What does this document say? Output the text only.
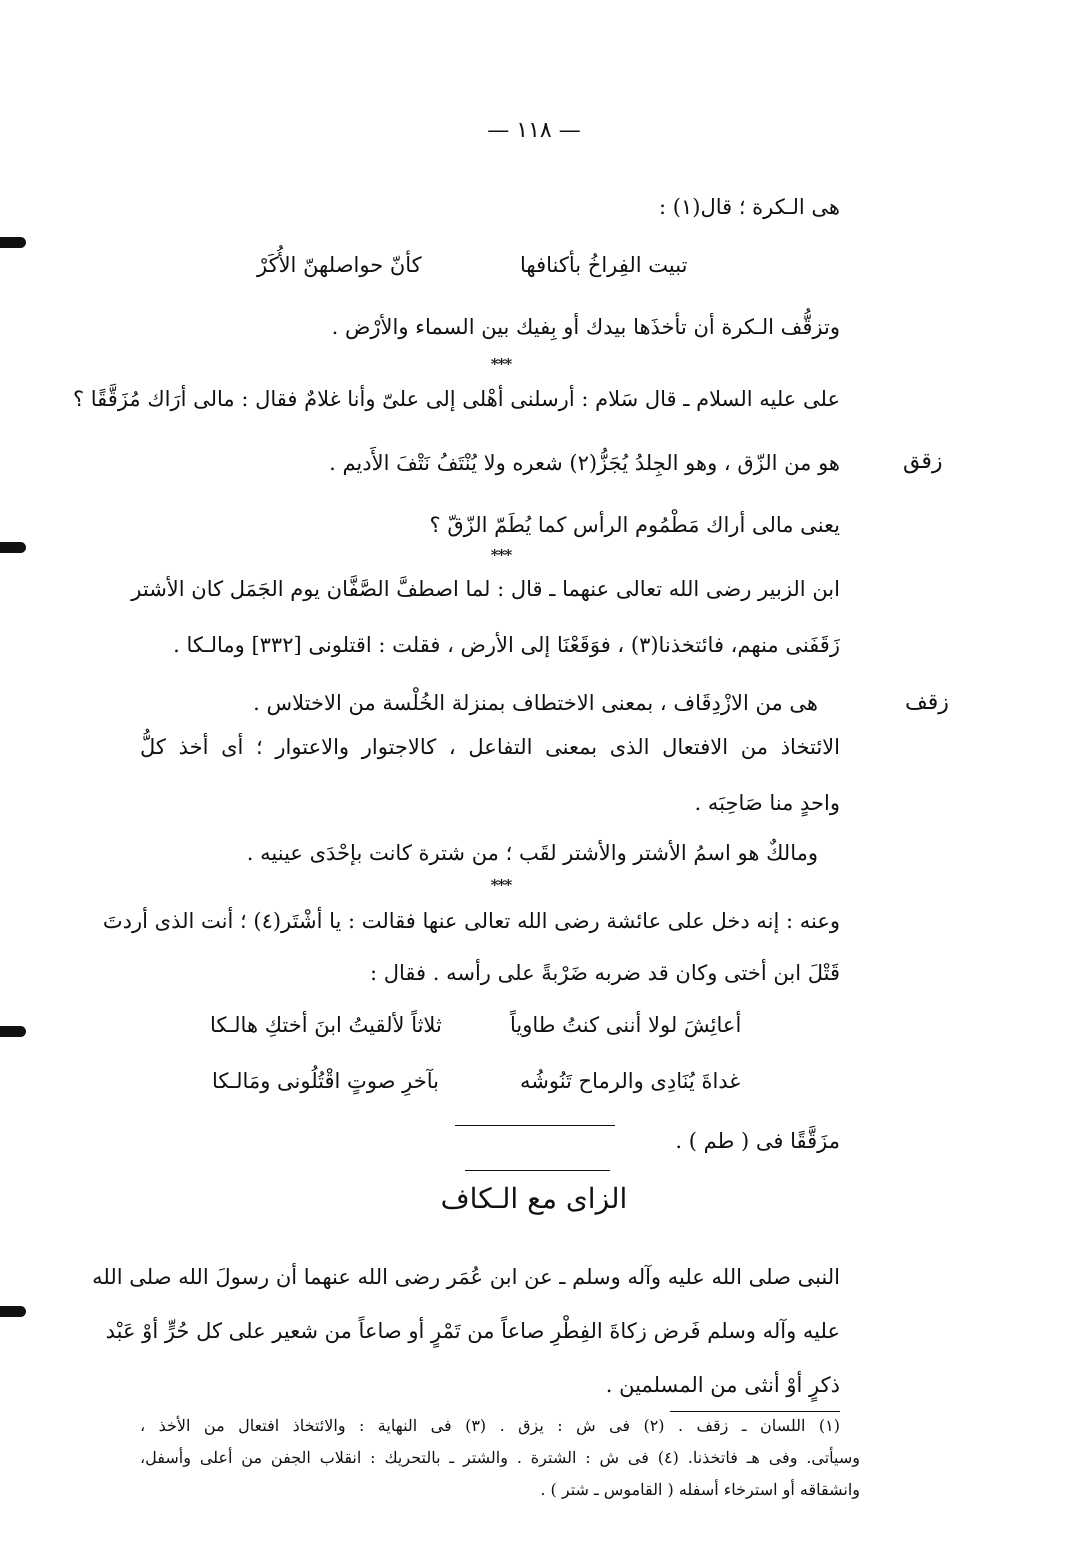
— ١١٨ —
زقق
زقف
هى الـكرة ؛ قال(١) :
تبيت الفِراخُ بأكنافها
كأنّ حواصلهنّ الأُكَرْ
وتزقُّف الـكرة أن تأخذَها بيدك أو بِفيك بين السماء والأرْض .
***
على عليه السلام ـ قال سَلام : أرسلنى أهْلى إلى علىّ وأنا غلامٌ فقال : مالى أرَاك مُزَقَّقًا ؟
هو من الزّق ، وهو الجِلدُ يُجَزُّ(٢) شعره ولا يُنْتَفُ نَتْفَ الأَديم .
يعنى مالى أراك مَطْمُوم الرأس كما يُطَمّ الزّقّ ؟
***
ابن الزبير رضى الله تعالى عنهما ـ قال : لما اصطفَّ الصَّفَّان يوم الجَمَل كان الأشتر
زَقَفَنى منهم، فائتخذنا(٣) ، فوَقَعْنَا إلى الأرض ، فقلت : اقتلونى [٣٣٢] ومالـكا .
هى من الازْدِقَاف ، بمعنى الاختطاف بمنزلة الخُلْسة من الاختلاس .
الائتخاذ من الافتعال الذى بمعنى التفاعل ، كالاجتوار والاعتوار ؛ أى أخذ كلُّ
واحدٍ منا صَاحِبَه .
ومالكٌ هو اسمُ الأشتر والأشتر لقَب ؛ من شترة كانت بإحْدَى عينيه .
***
وعنه : إنه دخل على عائشة رضى الله تعالى عنها فقالت : يا أشْتَر(٤) ؛ أنت الذى أردتَ
قَتْلَ ابن أختى وكان قد ضربه ضَرْبةً على رأسه . فقال :
أعائِشَ لولا أننى كنتُ طاوياً
ثلاثاً لألقيتُ ابنَ أختكِ هالـكا
غداةَ يُنَادِى والرماح تَنُوشُه
بآخرِ صوتٍ اقْتُلُونى ومَالـكا
مزَقَّقًا فى ( طم ) .
الزاى مع الـكاف
النبى صلى الله عليه وآله وسلم ـ عن ابن عُمَر رضى الله عنهما أن رسولَ الله صلى الله
عليه وآله وسلم فَرض زكاةَ الفِطْرِ صاعاً من تَمْرٍ أو صاعاً من شعير على كل حُرٍّ أوْ عَبْد
ذكرٍ أوْ أنثى من المسلمين .
(١) اللسان ـ زقف . (٢) فى ش : يزق . (٣) فى النهاية : والائتخاذ افتعال من الأخذ ،
وسيأتى. وفى هـ فاتخذنا. (٤) فى ش : الشترة . والشتر ـ بالتحريك : انقلاب الجفن من أعلى وأسفل،
وانشقاقه أو استرخاء أسفله ( القاموس ـ شتر ) .
